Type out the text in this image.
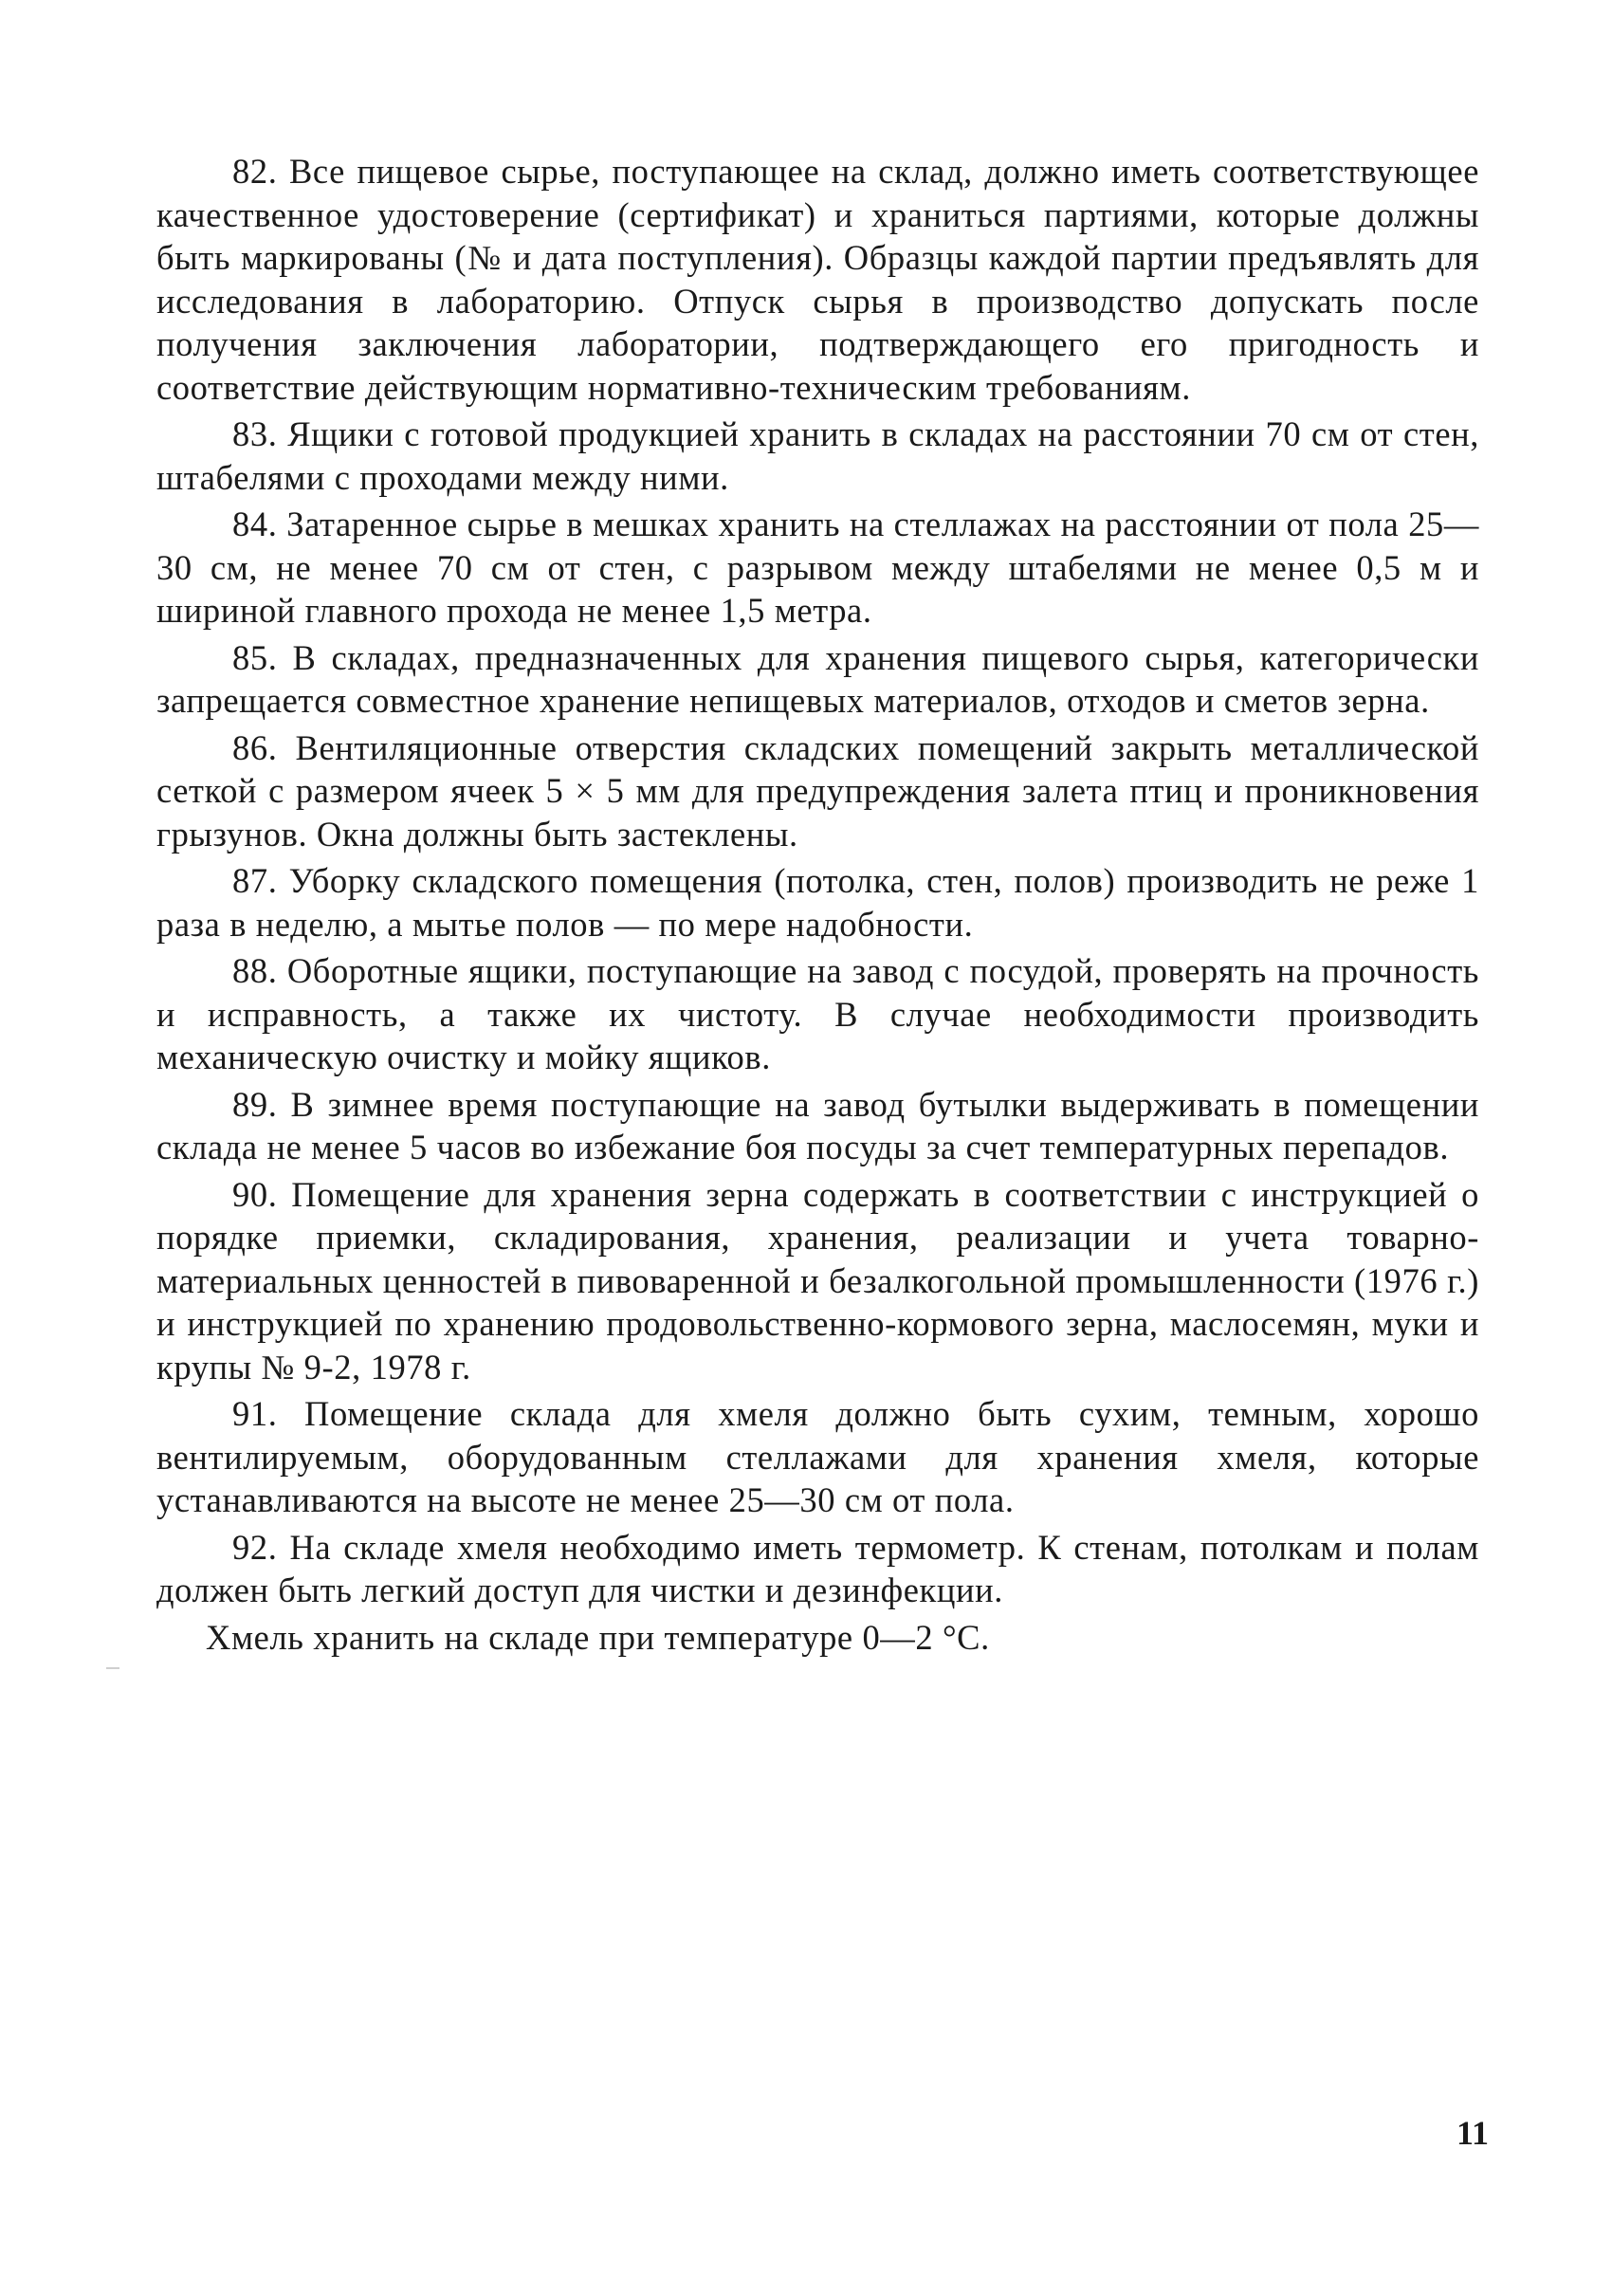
82. Все пищевое сырье, поступающее на склад, должно иметь соответствующее качественное удостоверение (сертификат) и храниться партиями, которые должны быть маркированы (№ и дата поступления). Образцы каждой партии предъявлять для исследования в лабораторию. Отпуск сырья в производство допускать после получения заключения лаборатории, подтверждающего его пригодность и соответствие действующим нормативно-техническим требованиям.

83. Ящики с готовой продукцией хранить в складах на расстоянии 70 см от стен, штабелями с проходами между ними.

84. Затаренное сырье в мешках хранить на стеллажах на расстоянии от пола 25—30 см, не менее 70 см от стен, с разрывом между штабелями не менее 0,5 м и шириной главного прохода не менее 1,5 метра.

85. В складах, предназначенных для хранения пищевого сырья, категорически запрещается совместное хранение непищевых материалов, отходов и сметов зерна.

86. Вентиляционные отверстия складских помещений закрыть металлической сеткой с размером ячеек 5 × 5 мм для предупреждения залета птиц и проникновения грызунов. Окна должны быть застеклены.

87. Уборку складского помещения (потолка, стен, полов) производить не реже 1 раза в неделю, а мытье полов — по мере надобности.

88. Оборотные ящики, поступающие на завод с посудой, проверять на прочность и исправность, а также их чистоту. В случае необходимости производить механическую очистку и мойку ящиков.

89. В зимнее время поступающие на завод бутылки выдерживать в помещении склада не менее 5 часов во избежание боя посуды за счет температурных перепадов.

90. Помещение для хранения зерна содержать в соответствии с инструкцией о порядке приемки, складирования, хранения, реализации и учета товарно-материальных ценностей в пивоваренной и безалкогольной промышленности (1976 г.) и инструкцией по хранению продовольственно-кормового зерна, маслосемян, муки и крупы № 9-2, 1978 г.

91. Помещение склада для хмеля должно быть сухим, темным, хорошо вентилируемым, оборудованным стеллажами для хранения хмеля, которые устанавливаются на высоте не менее 25—30 см от пола.

92. На складе хмеля необходимо иметь термометр. К стенам, потолкам и полам должен быть легкий доступ для чистки и дезинфекции.

Хмель хранить на складе при температуре 0—2 °С.

11
